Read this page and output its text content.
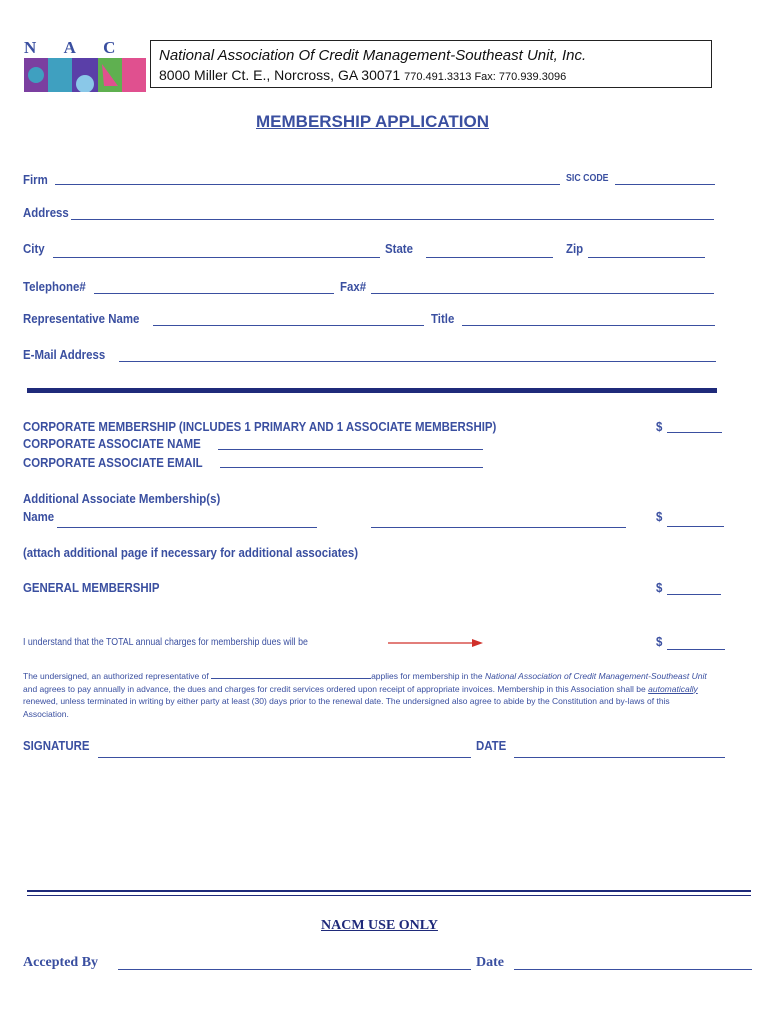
N A C	National Association Of Credit Management-Southeast Unit, Inc.
8000 Miller Ct. E., Norcross, GA 30071 770.491.3313 Fax: 770.939.3096
MEMBERSHIP APPLICATION
Firm	SIC CODE
Address
City	State	Zip
Telephone#	Fax#
Representative Name	Title
E-Mail Address
CORPORATE MEMBERSHIP (INCLUDES 1 PRIMARY AND 1 ASSOCIATE MEMBERSHIP)	$
CORPORATE ASSOCIATE NAME
CORPORATE ASSOCIATE EMAIL
Additional Associate Membership(s)
Name	$
(attach additional page if necessary for additional associates)
GENERAL MEMBERSHIP	$
I understand that the TOTAL annual charges for membership dues will be	$
The undersigned, an authorized representative of	applies for membership in the National Association of Credit Management-Southeast Unit
and agrees to pay annually in advance, the dues and charges for credit services ordered upon receipt of appropriate invoices. Membership in this Association shall be automatically
renewed, unless terminated in writing by either party at least (30) days prior to the renewal date. The undersigned also agree to abide by the Constitution and by-laws of this
Association.
SIGNATURE	DATE
NACM USE ONLY
Accepted By	Date
